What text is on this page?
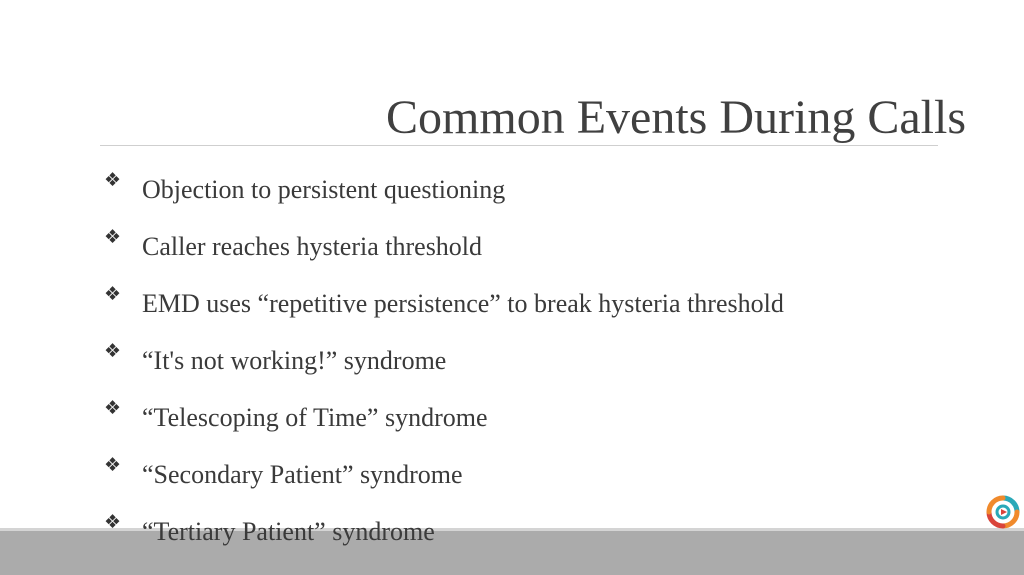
Common Events During Calls
❖ Objection to persistent questioning
❖ Caller reaches hysteria threshold
❖ EMD uses “repetitive persistence” to break hysteria threshold
❖ “It's not working!” syndrome
❖ “Telescoping of Time” syndrome
❖ “Secondary Patient” syndrome
❖ “Tertiary Patient” syndrome
